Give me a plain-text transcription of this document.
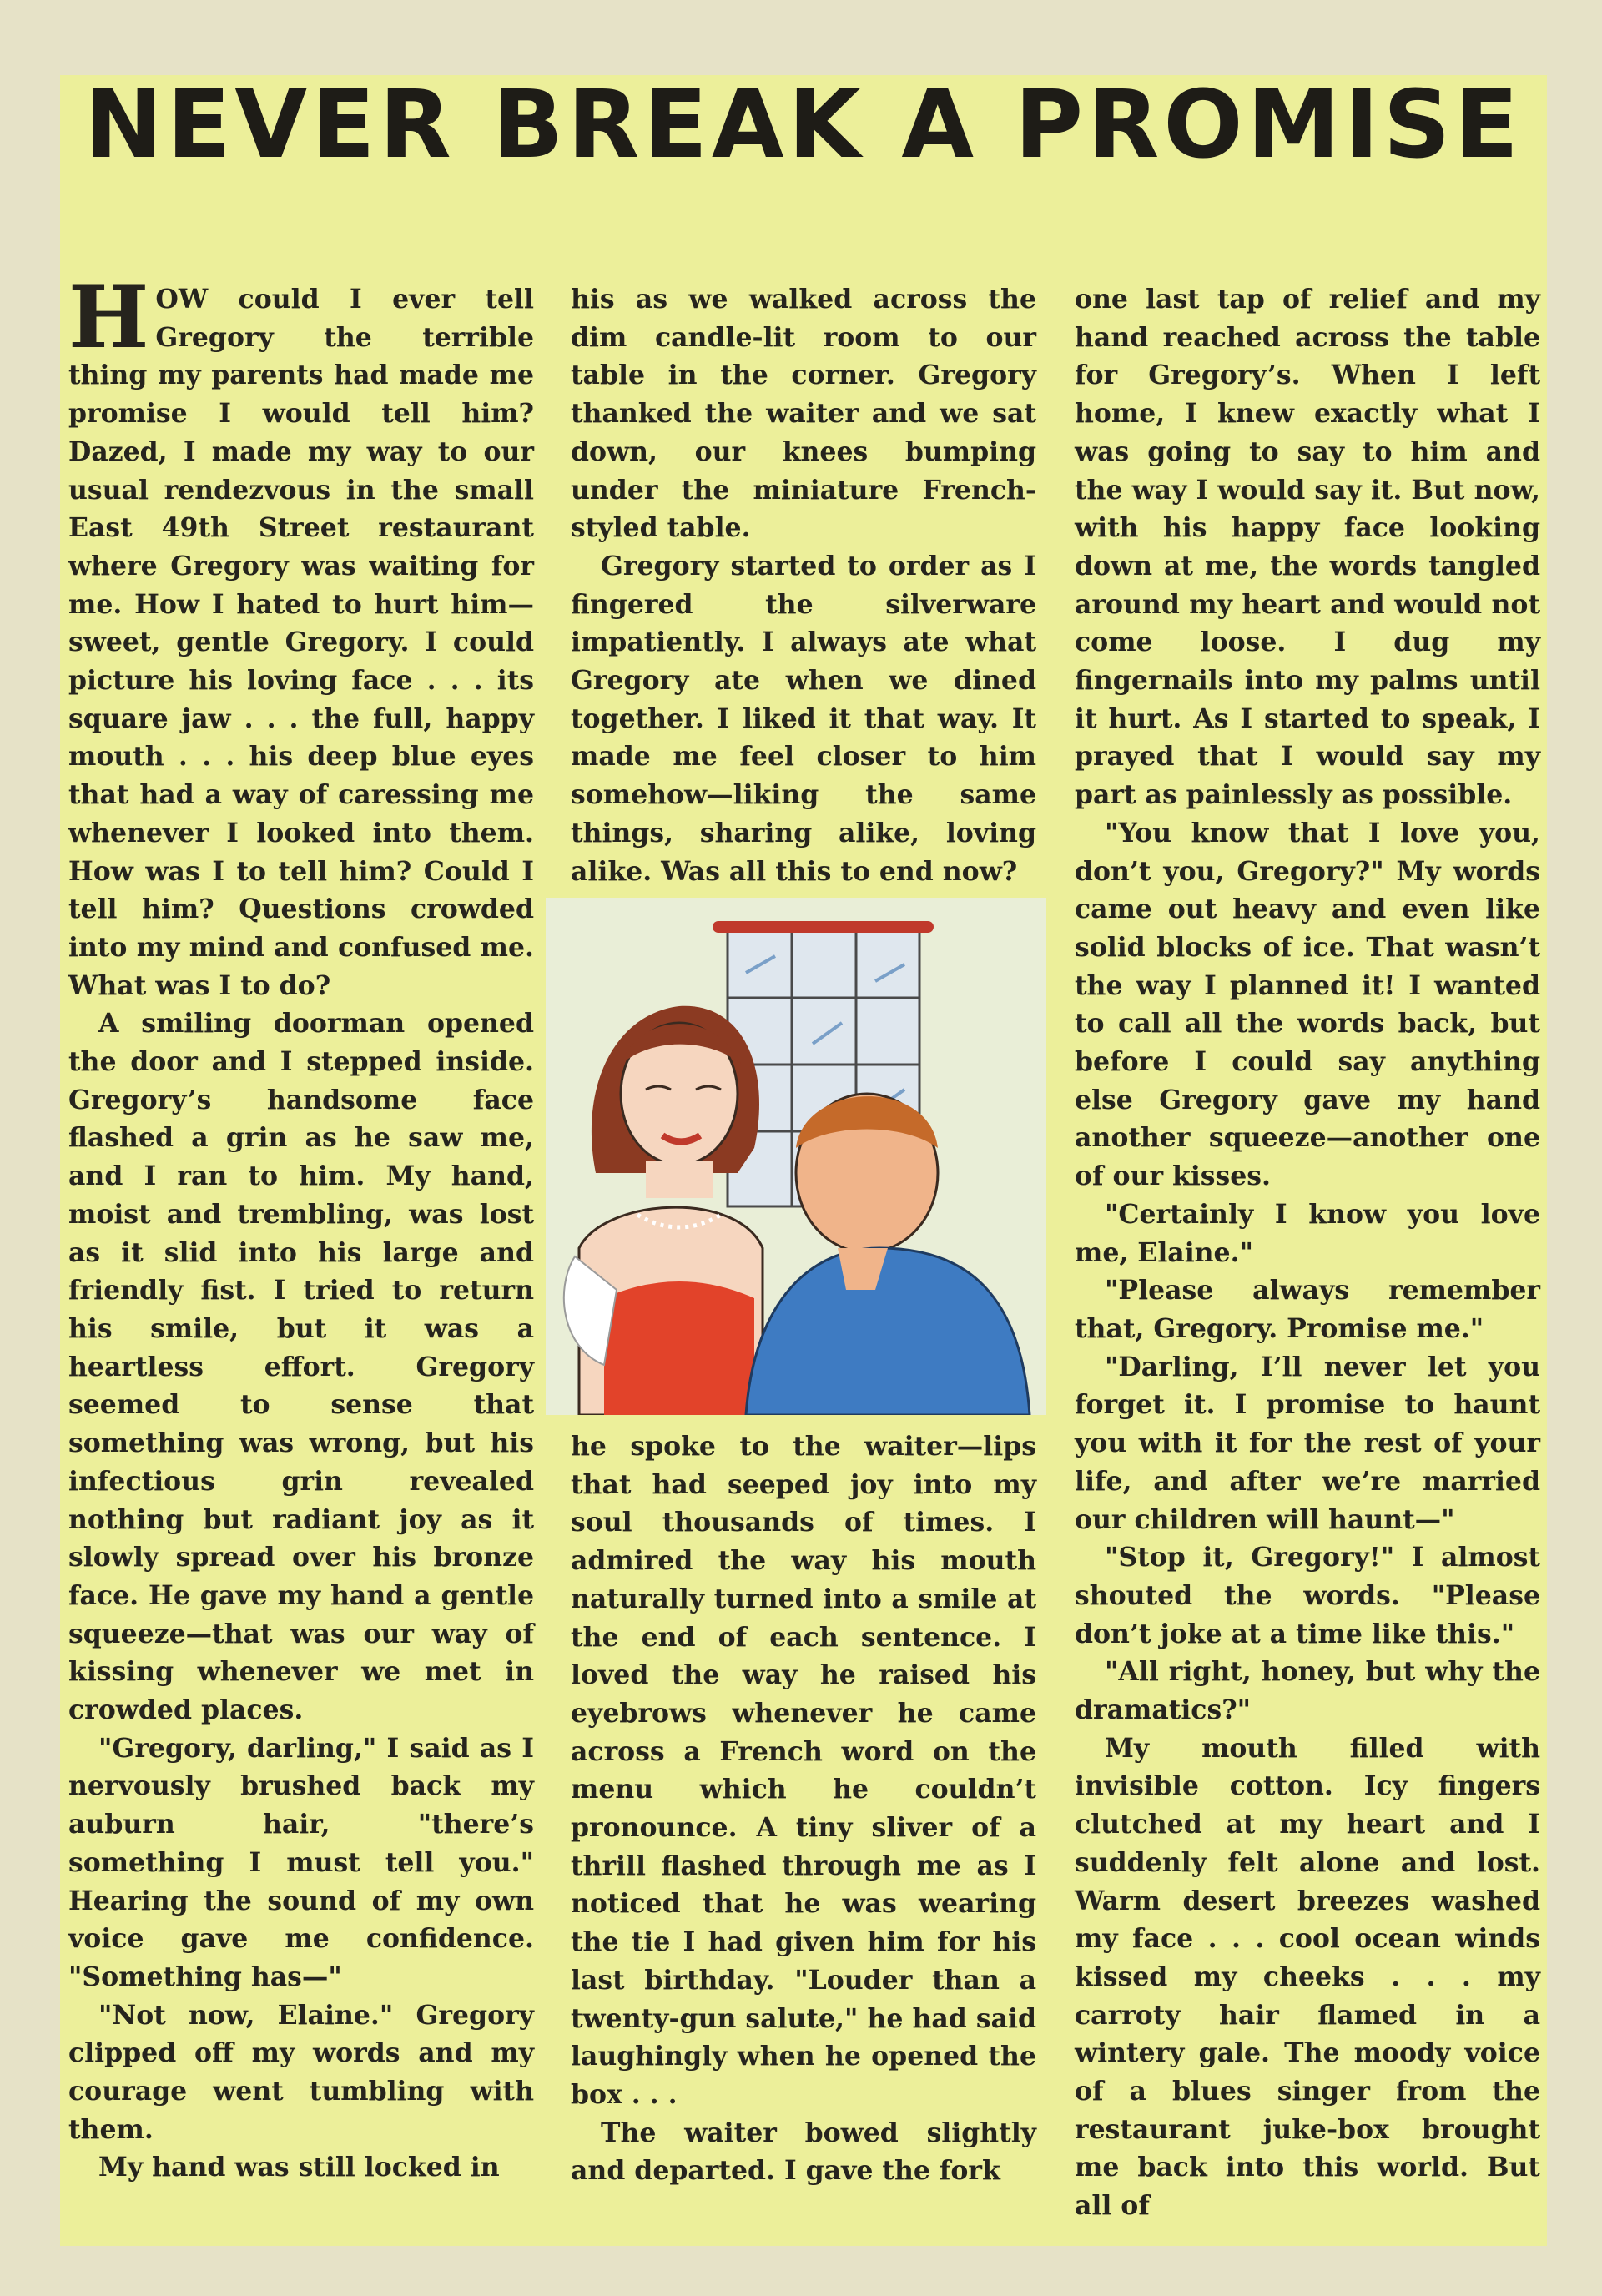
NEVER BREAK A PROMISE

HOW could I ever tell Gregory the terrible thing my parents had made me promise I would tell him? Dazed, I made my way to our usual rendezvous in the small East 49th Street restaurant where Gregory was waiting for me. How I hated to hurt him—sweet, gentle Gregory. I could picture his loving face . . . its square jaw . . . the full, happy mouth . . . his deep blue eyes that had a way of caressing me whenever I looked into them. How was I to tell him? Could I tell him? Questions crowded into my mind and confused me. What was I to do?

A smiling doorman opened the door and I stepped inside. Gregory’s handsome face flashed a grin as he saw me, and I ran to him. My hand, moist and trembling, was lost as it slid into his large and friendly fist. I tried to return his smile, but it was a heartless effort. Gregory seemed to sense that something was wrong, but his infectious grin revealed nothing but radiant joy as it slowly spread over his bronze face. He gave my hand a gentle squeeze—that was our way of kissing whenever we met in crowded places.

"Gregory, darling," I said as I nervously brushed back my auburn hair, "there’s something I must tell you." Hearing the sound of my own voice gave me confidence. "Something has—"

"Not now, Elaine." Gregory clipped off my words and my courage went tumbling with them.

My hand was still locked in

his as we walked across the dim candle-lit room to our table in the corner. Gregory thanked the waiter and we sat down, our knees bumping under the miniature French-styled table.

Gregory started to order as I fingered the silverware impatiently. I always ate what Gregory ate when we dined together. I liked it that way. It made me feel closer to him somehow—liking the same things, sharing alike, loving alike. Was all this to end now?

he spoke to the waiter—lips that had seeped joy into my soul thousands of times. I admired the way his mouth naturally turned into a smile at the end of each sentence. I loved the way he raised his eyebrows whenever he came across a French word on the menu which he couldn’t pronounce. A tiny sliver of a thrill flashed through me as I noticed that he was wearing the tie I had given him for his last birthday. "Louder than a twenty-gun salute," he had said laughingly when he opened the box . . .

The waiter bowed slightly and departed. I gave the fork

one last tap of relief and my hand reached across the table for Gregory’s. When I left home, I knew exactly what I was going to say to him and the way I would say it. But now, with his happy face looking down at me, the words tangled around my heart and would not come loose. I dug my fingernails into my palms until it hurt. As I started to speak, I prayed that I would say my part as painlessly as possible.

"You know that I love you, don’t you, Gregory?" My words came out heavy and even like solid blocks of ice. That wasn’t the way I planned it! I wanted to call all the words back, but before I could say anything else Gregory gave my hand another squeeze—another one of our kisses.

"Certainly I know you love me, Elaine."

"Please always remember that, Gregory. Promise me."

"Darling, I’ll never let you forget it. I promise to haunt you with it for the rest of your life, and after we’re married our children will haunt—"

"Stop it, Gregory!" I almost shouted the words. "Please don’t joke at a time like this."

"All right, honey, but why the dramatics?"

My mouth filled with invisible cotton. Icy fingers clutched at my heart and I suddenly felt alone and lost. Warm desert breezes washed my face . . . cool ocean winds kissed my cheeks . . . my carroty hair flamed in a wintery gale. The moody voice of a blues singer from the restaurant juke-box brought me back into this world. But all of
